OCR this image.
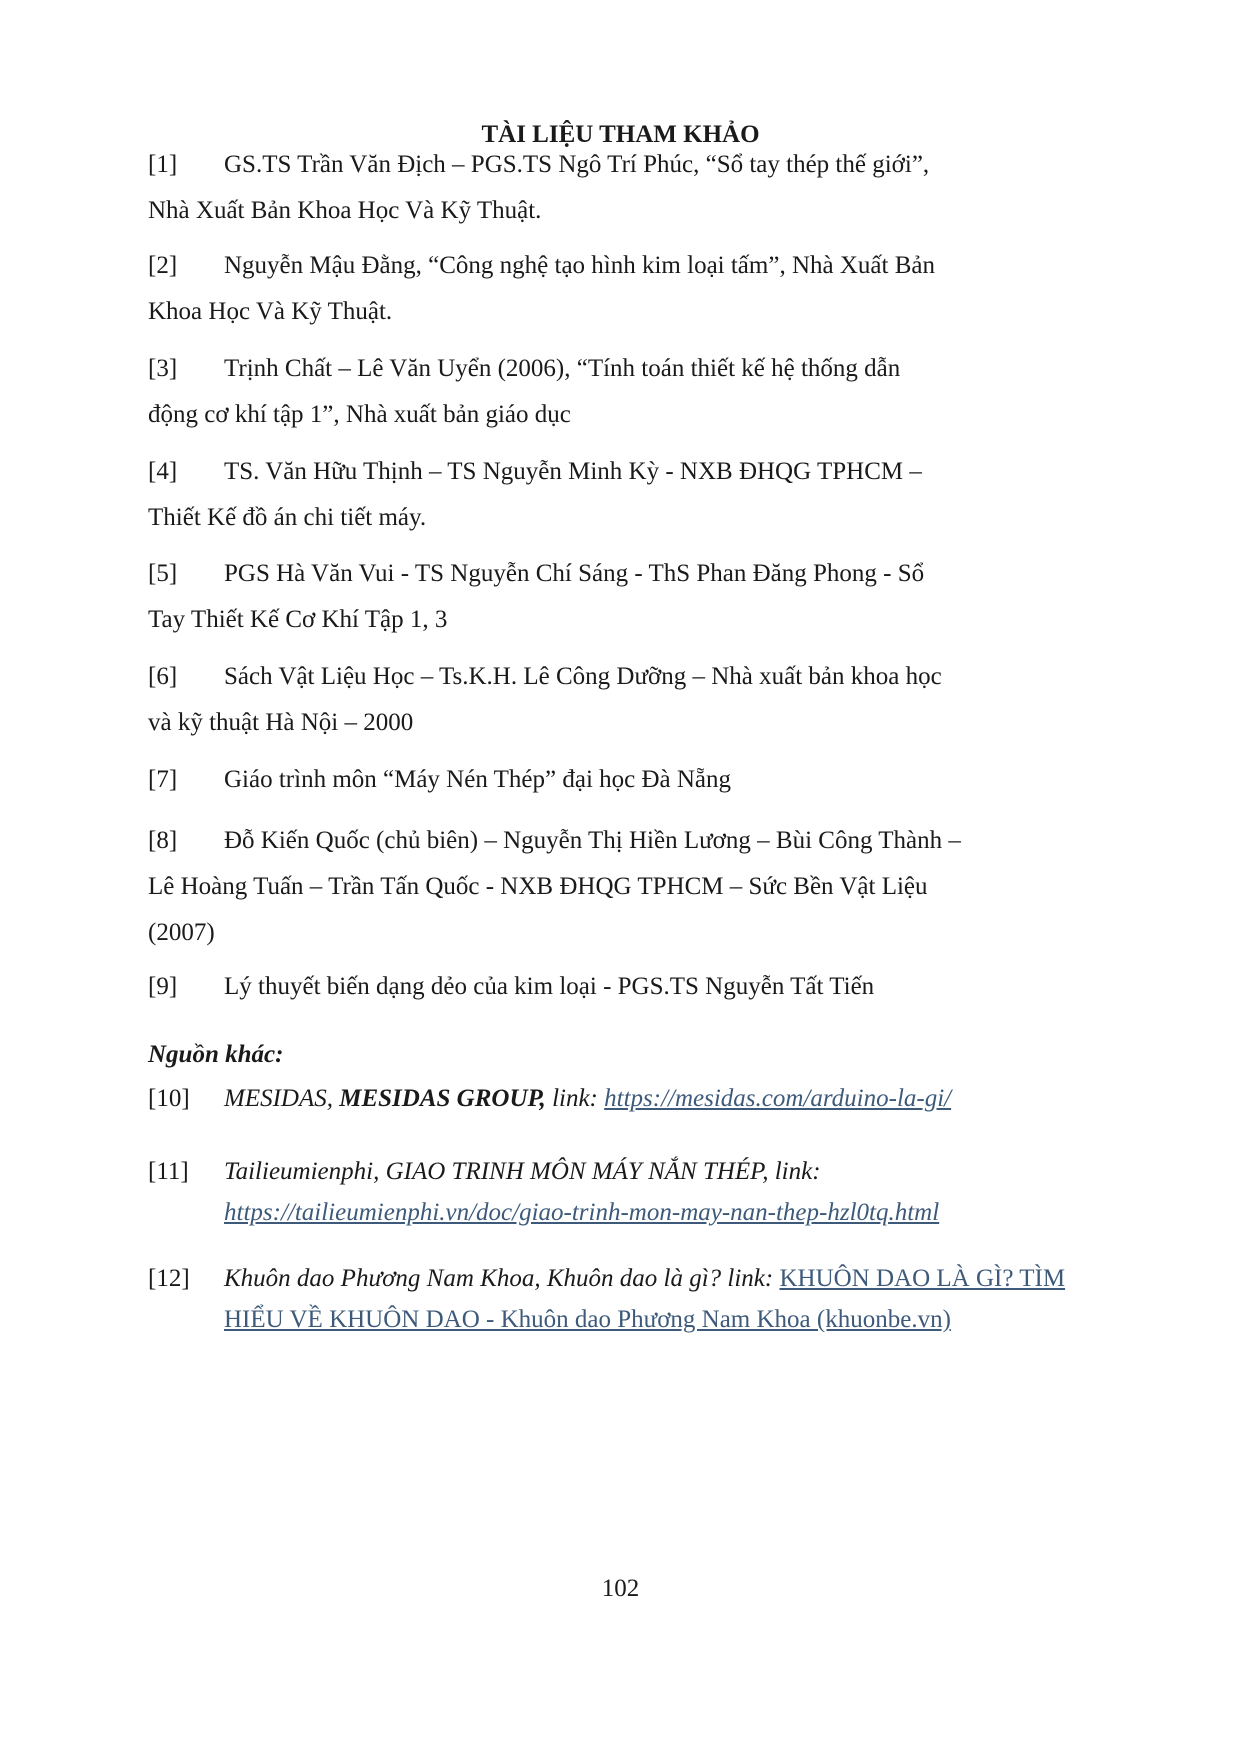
TÀI LIỆU THAM KHẢO
[1] GS.TS Trần Văn Địch – PGS.TS Ngô Trí Phúc, “Sổ tay thép thế giới”,
Nhà Xuất Bản Khoa Học Và Kỹ Thuật.
[2] Nguyễn Mậu Đằng, “Công nghệ tạo hình kim loại tấm”, Nhà Xuất Bản
Khoa Học Và Kỹ Thuật.
[3] Trịnh Chất – Lê Văn Uyển (2006), “Tính toán thiết kế hệ thống dẫn
động cơ khí tập 1”, Nhà xuất bản giáo dục
[4] TS. Văn Hữu Thịnh – TS Nguyễn Minh Kỳ - NXB ĐHQG TPHCM –
Thiết Kế đồ án chi tiết máy.
[5] PGS Hà Văn Vui - TS Nguyễn Chí Sáng - ThS Phan Đăng Phong - Sổ
Tay Thiết Kế Cơ Khí Tập 1, 3
[6] Sách Vật Liệu Học – Ts.K.H. Lê Công Dưỡng – Nhà xuất bản khoa học
và kỹ thuật Hà Nội – 2000
[7] Giáo trình môn “Máy Nén Thép” đại học Đà Nẵng
[8] Đỗ Kiến Quốc (chủ biên) – Nguyễn Thị Hiền Lương – Bùi Công Thành –
Lê Hoàng Tuấn – Trần Tấn Quốc - NXB ĐHQG TPHCM – Sức Bền Vật Liệu
(2007)
[9] Lý thuyết biến dạng dẻo của kim loại - PGS.TS Nguyễn Tất Tiến
Nguồn khác:
[10] MESIDAS, MESIDAS GROUP, link: https://mesidas.com/arduino-la-gi/
[11] Tailieumienphi, GIAO TRINH MÔN MÁY NẮN THÉP, link:

https://tailieumienphi.vn/doc/giao-trinh-mon-may-nan-thep-hzl0tq.html
[12] Khuôn dao Phương Nam Khoa, Khuôn dao là gì? link: KHUÔN DAO LÀ GÌ? TÌM

HIỂU VỀ KHUÔN DAO - Khuôn dao Phương Nam Khoa (khuonbe.vn)
102
